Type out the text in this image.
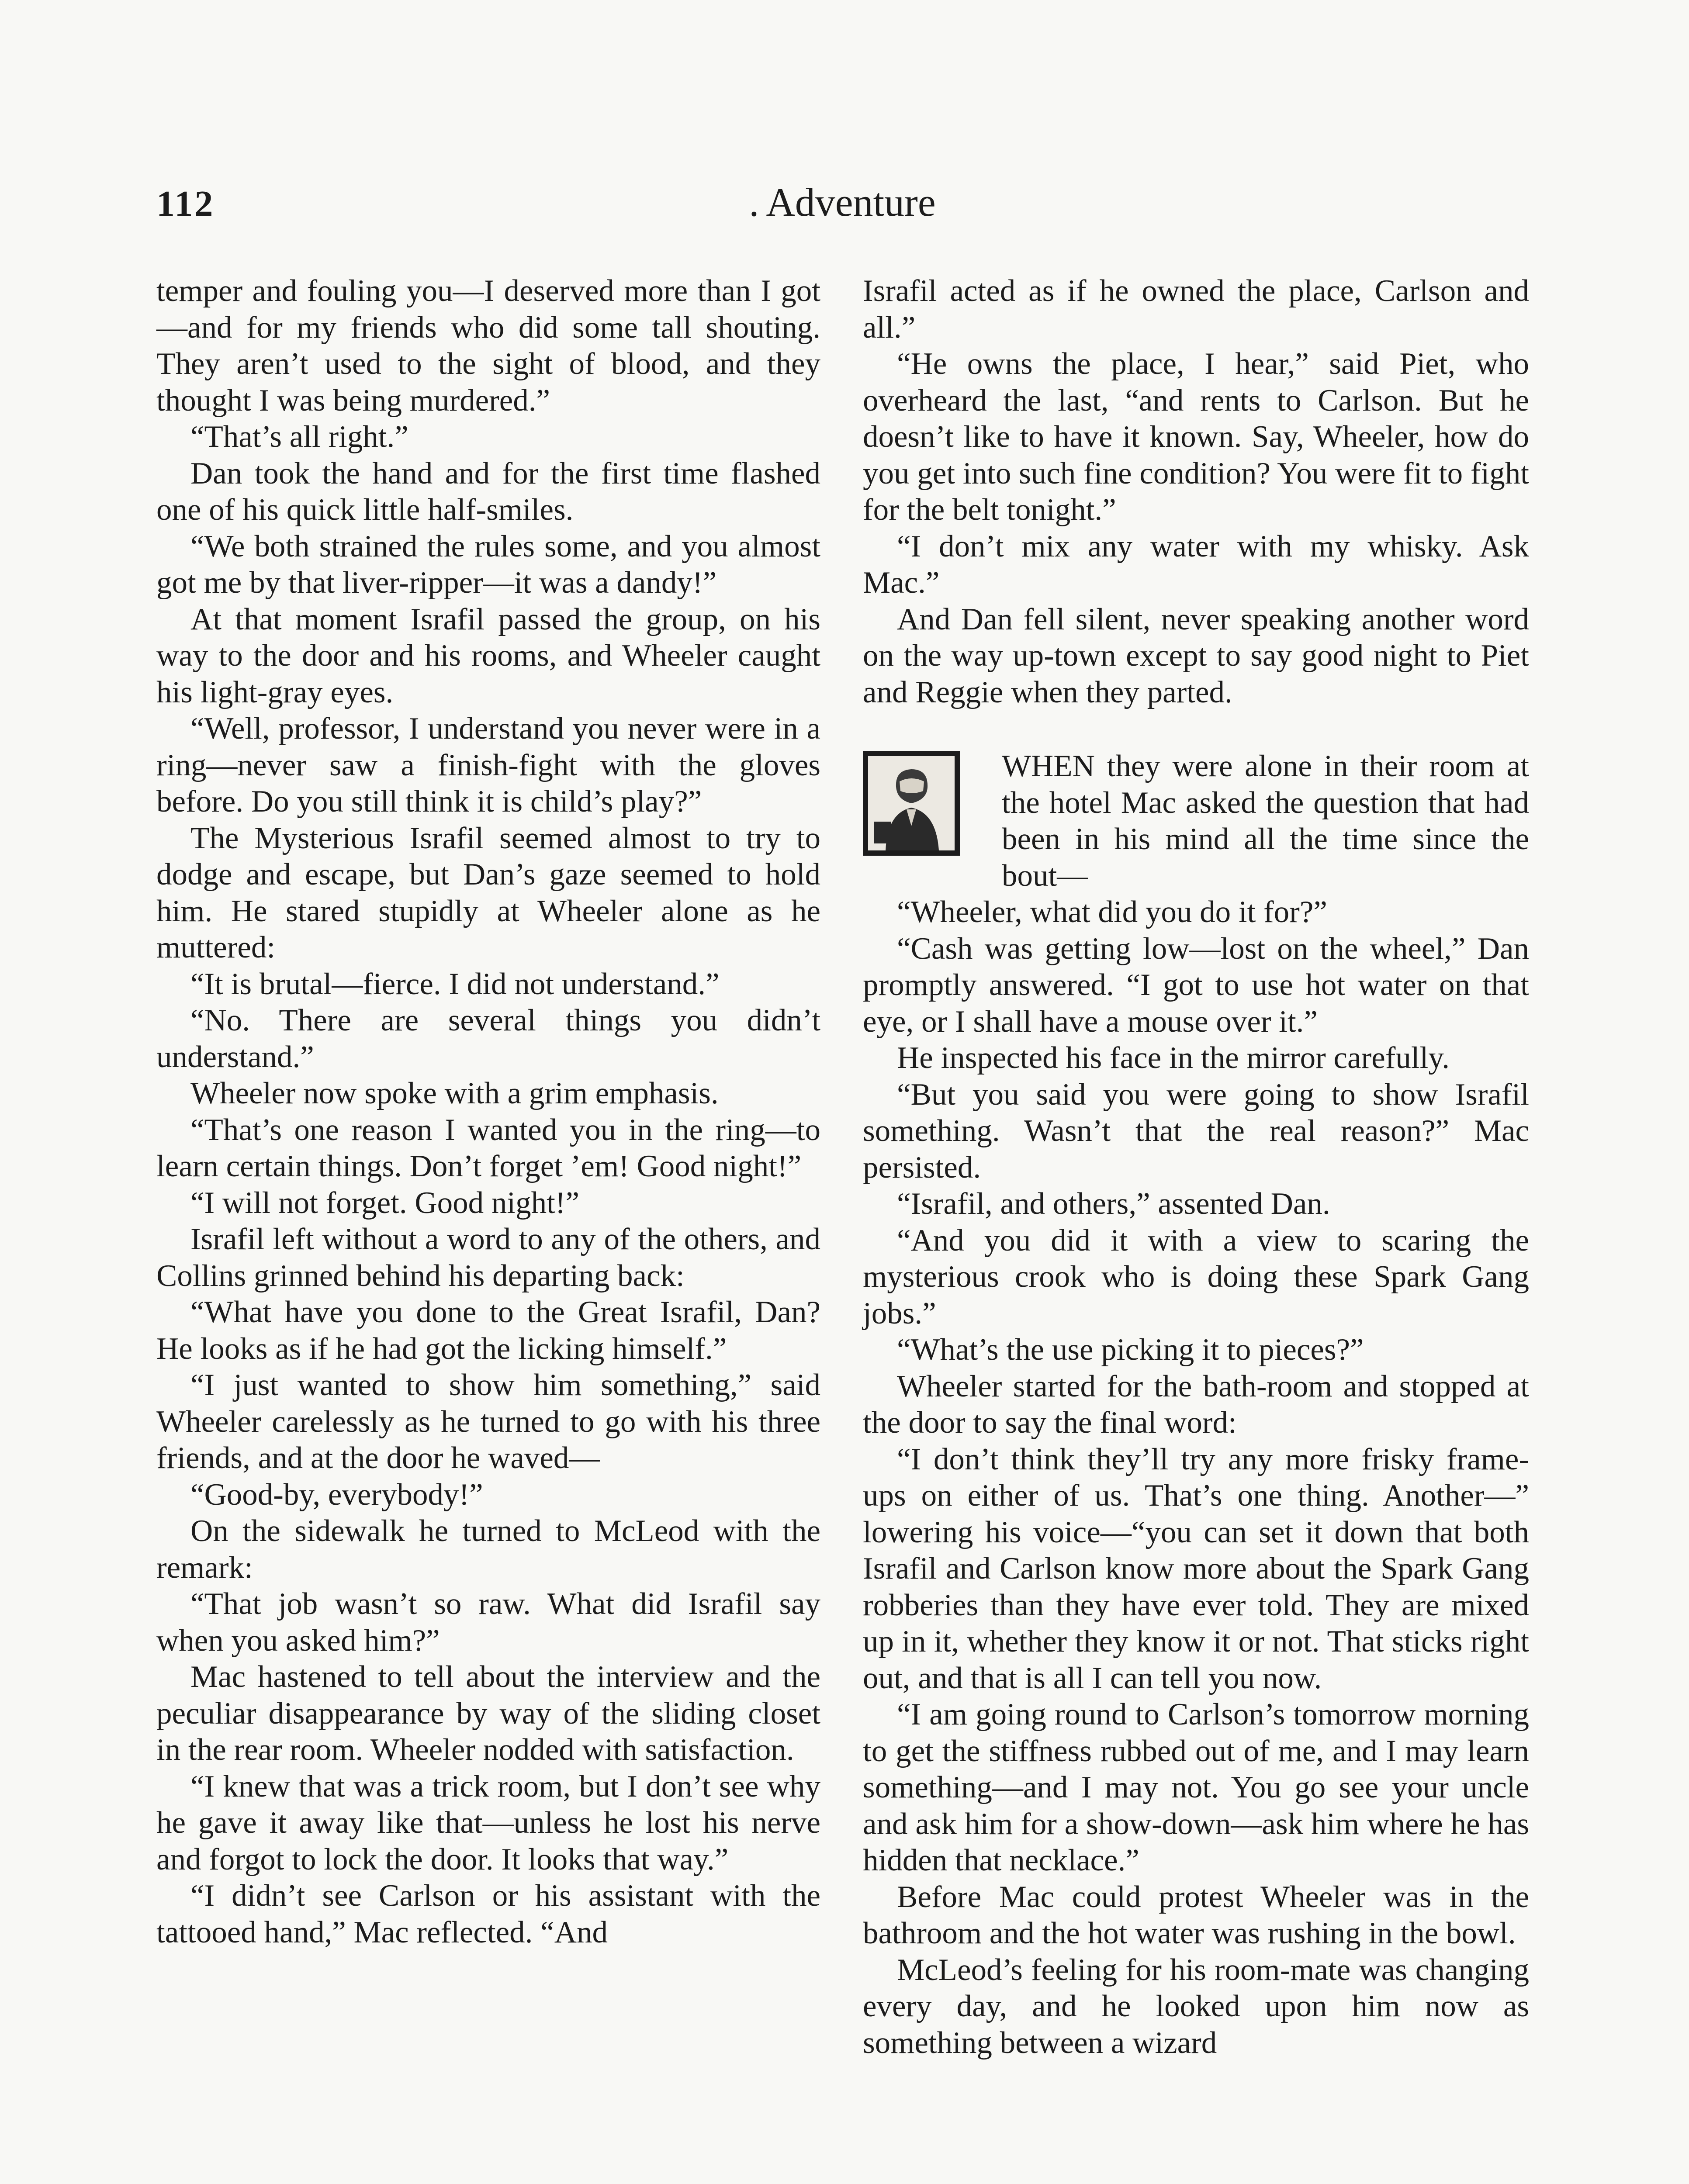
112	. Adventure

temper and fouling you—I deserved more than I got—and for my friends who did some tall shouting. They aren’t used to the sight of blood, and they thought I was being murdered.”

“That’s all right.”

Dan took the hand and for the first time flashed one of his quick little half-smiles.

“We both strained the rules some, and you almost got me by that liver-ripper—it was a dandy!”

At that moment Israfil passed the group, on his way to the door and his rooms, and Wheeler caught his light-gray eyes.

“Well, professor, I understand you never were in a ring—never saw a finish-fight with the gloves before. Do you still think it is child’s play?”

The Mysterious Israfil seemed almost to try to dodge and escape, but Dan’s gaze seemed to hold him. He stared stupidly at Wheeler alone as he muttered:

“It is brutal—fierce. I did not understand.”

“No. There are several things you didn’t understand.”

Wheeler now spoke with a grim emphasis.

“That’s one reason I wanted you in the ring—to learn certain things. Don’t forget ’em! Good night!”

“I will not forget. Good night!”

Israfil left without a word to any of the others, and Collins grinned behind his departing back:

“What have you done to the Great Israfil, Dan? He looks as if he had got the licking himself.”

“I just wanted to show him something,” said Wheeler carelessly as he turned to go with his three friends, and at the door he waved—

“Good-by, everybody!”

On the sidewalk he turned to McLeod with the remark:

“That job wasn’t so raw. What did Israfil say when you asked him?”

Mac hastened to tell about the interview and the peculiar disappearance by way of the sliding closet in the rear room. Wheeler nodded with satisfaction.

“I knew that was a trick room, but I don’t see why he gave it away like that—unless he lost his nerve and forgot to lock the door. It looks that way.”

“I didn’t see Carlson or his assistant with the tattooed hand,” Mac reflected. “And

Israfil acted as if he owned the place, Carlson and all.”

“He owns the place, I hear,” said Piet, who overheard the last, “and rents to Carlson. But he doesn’t like to have it known. Say, Wheeler, how do you get into such fine condition? You were fit to fight for the belt tonight.”

“I don’t mix any water with my whisky. Ask Mac.”

And Dan fell silent, never speaking another word on the way up-town except to say good night to Piet and Reggie when they parted.

WHEN they were alone in their room at the hotel Mac asked the question that had been in his mind all the time since the bout—

“Wheeler, what did you do it for?”

“Cash was getting low—lost on the wheel,” Dan promptly answered. “I got to use hot water on that eye, or I shall have a mouse over it.”

He inspected his face in the mirror carefully.

“But you said you were going to show Israfil something. Wasn’t that the real reason?” Mac persisted.

“Israfil, and others,” assented Dan.

“And you did it with a view to scaring the mysterious crook who is doing these Spark Gang jobs.”

“What’s the use picking it to pieces?”

Wheeler started for the bath-room and stopped at the door to say the final word:

“I don’t think they’ll try any more frisky frame-ups on either of us. That’s one thing. Another—” lowering his voice—“you can set it down that both Israfil and Carlson know more about the Spark Gang robberies than they have ever told. They are mixed up in it, whether they know it or not. That sticks right out, and that is all I can tell you now.

“I am going round to Carlson’s tomorrow morning to get the stiffness rubbed out of me, and I may learn something—and I may not. You go see your uncle and ask him for a show-down—ask him where he has hidden that necklace.”

Before Mac could protest Wheeler was in the bathroom and the hot water was rushing in the bowl.

McLeod’s feeling for his room-mate was changing every day, and he looked upon him now as something between a wizard
